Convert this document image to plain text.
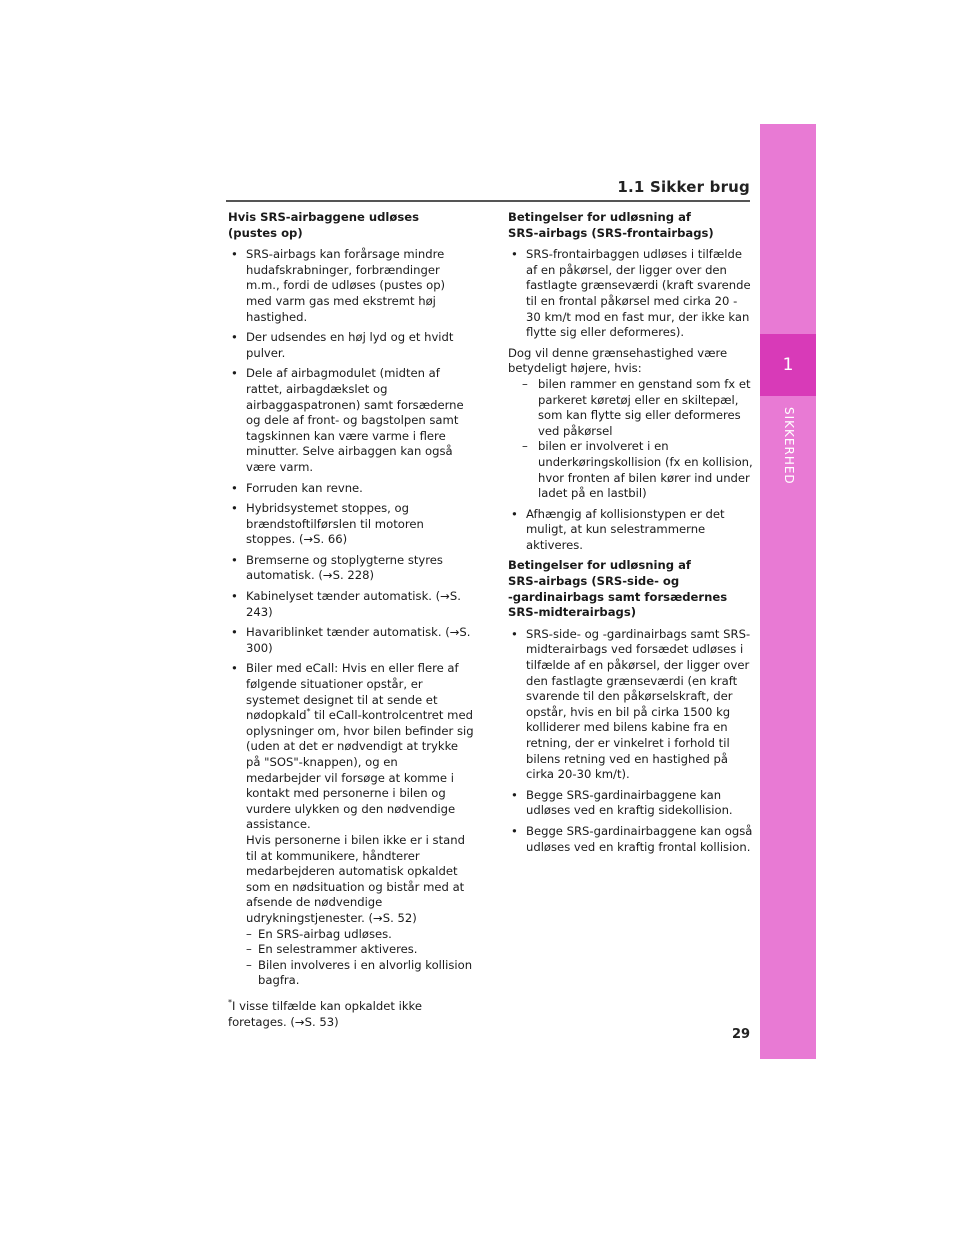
1.1 Sikker brug
1
SIKKERHED
Hvis SRS-airbaggene udløses
(pustes op)
• SRS-airbags kan forårsage mindre hudafskrabninger, forbrændinger m.m., fordi de udløses (pustes op) med varm gas med ekstremt høj hastighed.
• Der udsendes en høj lyd og et hvidt pulver.
• Dele af airbagmodulet (midten af rattet, airbagdækslet og airbaggaspatronen) samt forsæderne og dele af front- og bagstolpen samt tagskinnen kan være varme i flere minutter. Selve airbaggen kan også være varm.
• Forruden kan revne.
• Hybridsystemet stoppes, og brændstoftilførslen til motoren stoppes. (→S. 66)
• Bremserne og stoplygterne styres automatisk. (→S. 228)
• Kabinelyset tænder automatisk. (→S. 243)
• Havariblinket tænder automatisk. (→S. 300)
• Biler med eCall: Hvis en eller flere af følgende situationer opstår, er systemet designet til at sende et nødopkald* til eCall-kontrolcentret med oplysninger om, hvor bilen befinder sig (uden at det er nødvendigt at trykke på "SOS"-knappen), og en medarbejder vil forsøge at komme i kontakt med personerne i bilen og vurdere ulykken og den nødvendige assistance.
Hvis personerne i bilen ikke er i stand til at kommunikere, håndterer medarbejderen automatisk opkaldet som en nødsituation og bistår med at afsende de nødvendige udrykningstjenester. (→S. 52)
– En SRS-airbag udløses.
– En selestrammer aktiveres.
– Bilen involveres i en alvorlig kollision bagfra.
*I visse tilfælde kan opkaldet ikke foretages. (→S. 53)
Betingelser for udløsning af
SRS-airbags (SRS-frontairbags)
• SRS-frontairbaggen udløses i tilfælde af en påkørsel, der ligger over den fastlagte grænseværdi (kraft svarende til en frontal påkørsel med cirka 20 - 30 km/t mod en fast mur, der ikke kan flytte sig eller deformeres).
Dog vil denne grænsehastighed være betydeligt højere, hvis:
– bilen rammer en genstand som fx et parkeret køretøj eller en skiltepæl, som kan flytte sig eller deformeres ved påkørsel
– bilen er involveret i en underkøringskollision (fx en kollision, hvor fronten af bilen kører ind under ladet på en lastbil)
• Afhængig af kollisionstypen er det muligt, at kun selestrammerne aktiveres.
Betingelser for udløsning af
SRS-airbags (SRS-side- og
-gardinairbags samt forsædernes
SRS-midterairbags)
• SRS-side- og -gardinairbags samt SRS-midterairbags ved forsædet udløses i tilfælde af en påkørsel, der ligger over den fastlagte grænseværdi (en kraft svarende til den påkørselskraft, der opstår, hvis en bil på cirka 1500 kg kolliderer med bilens kabine fra en retning, der er vinkelret i forhold til bilens retning ved en hastighed på cirka 20-30 km/t).
• Begge SRS-gardinairbaggene kan udløses ved en kraftig sidekollision.
• Begge SRS-gardinairbaggene kan også udløses ved en kraftig frontal kollision.
29
